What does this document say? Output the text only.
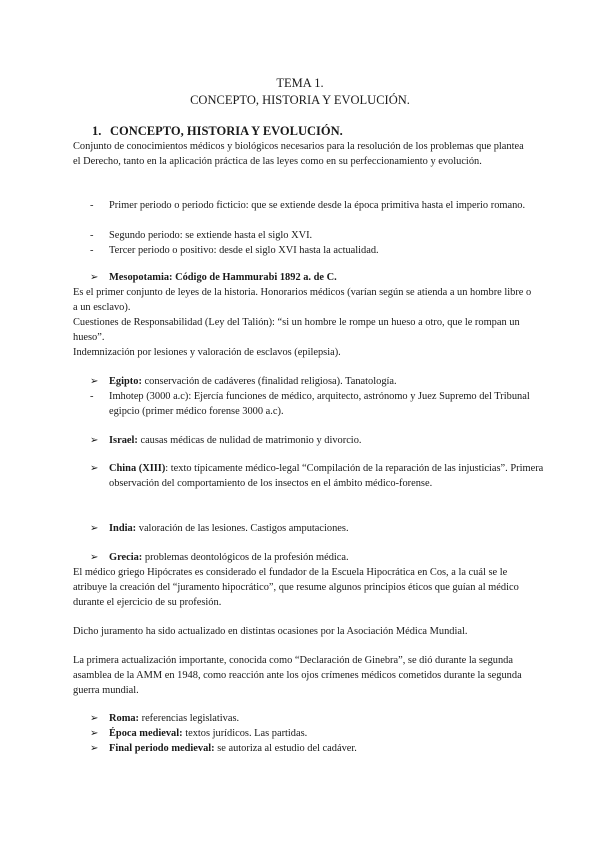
TEMA 1.
CONCEPTO, HISTORIA Y EVOLUCIÓN.
1. CONCEPTO, HISTORIA Y EVOLUCIÓN.

Conjunto de conocimientos médicos y biológicos necesarios para la resolución de los problemas que plantea el Derecho, tanto en la aplicación práctica de las leyes como en su perfeccionamiento y evolución.

- Primer periodo o periodo ficticio: que se extiende desde la época primitiva hasta el imperio romano.
- Segundo periodo: se extiende hasta el siglo XVI.
- Tercer periodo o positivo: desde el siglo XVI hasta la actualidad.
➢ Mesopotamia: Código de Hammurabi 1892 a. de C.

Es el primer conjunto de leyes de la historia. Honorarios médicos (varían según se atienda a un hombre libre o a un esclavo).

Cuestiones de Responsabilidad (Ley del Talión): “si un hombre le rompe un hueso a otro, que le rompan un hueso”.

Indemnización por lesiones y valoración de esclavos (epilepsia).

➢ Egipto: conservación de cadáveres (finalidad religiosa). Tanatología.
- Imhotep (3000 a.c): Ejercía funciones de médico, arquitecto, astrónomo y Juez Supremo del Tribunal egipcio (primer médico forense 3000 a.c).
➢ Israel: causas médicas de nulidad de matrimonio y divorcio.
➢ China (XIII): texto típicamente médico-legal “Compilación de la reparación de las injusticias”. Primera observación del comportamiento de los insectos en el ámbito médico-forense.
➢ India: valoración de las lesiones. Castigos amputaciones.
➢ Grecia: problemas deontológicos de la profesión médica.

El médico griego Hipócrates es considerado el fundador de la Escuela Hipocrática en Cos, a la cuál se le atribuye la creación del “juramento hipocrático”, que resume algunos principios éticos que guían al médico durante el ejercicio de su profesión.

Dicho juramento ha sido actualizado en distintas ocasiones por la Asociación Médica Mundial.

La primera actualización importante, conocida como “Declaración de Ginebra”, se dió durante la segunda asamblea de la AMM en 1948, como reacción ante los ojos crímenes médicos cometidos durante la segunda guerra mundial.

➢ Roma: referencias legislativas.
➢ Época medieval: textos jurídicos. Las partidas.
➢ Final periodo medieval: se autoriza al estudio del cadáver.
